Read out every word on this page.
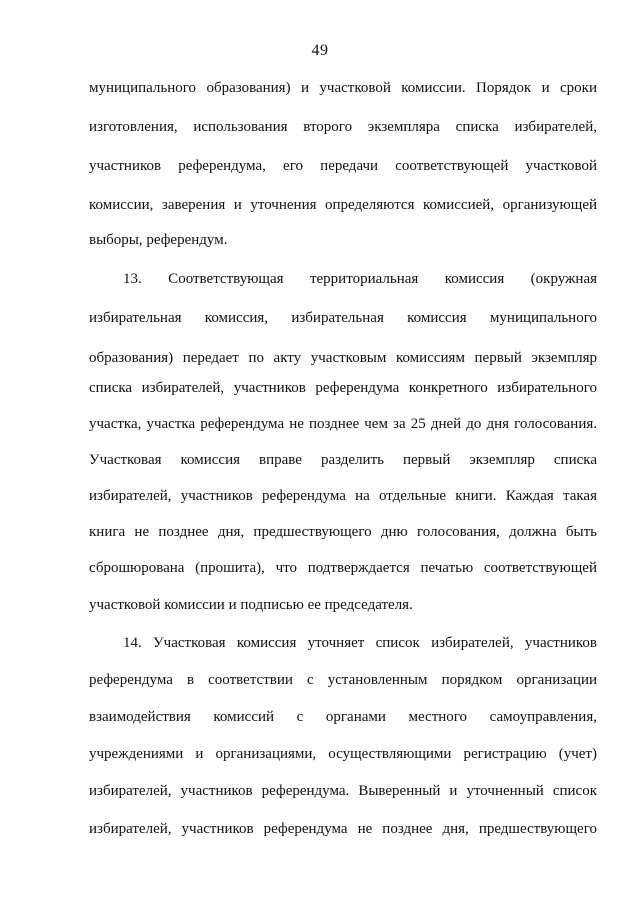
49
муниципального образования) и участковой комиссии. Порядок и сроки
изготовления, использования второго экземпляра списка избирателей,
участников референдума, его передачи соответствующей участковой
комиссии, заверения и уточнения определяются комиссией, организующей
выборы, референдум.
13. Соответствующая территориальная комиссия (окружная
избирательная комиссия, избирательная комиссия муниципального
образования) передает по акту участковым комиссиям первый экземпляр
списка избирателей, участников референдума конкретного избирательного
участка, участка референдума не позднее чем за 25 дней до дня голосования.
Участковая комиссия вправе разделить первый экземпляр списка
избирателей, участников референдума на отдельные книги. Каждая такая
книга не позднее дня, предшествующего дню голосования, должна быть
сброшюрована (прошита), что подтверждается печатью соответствующей
участковой комиссии и подписью ее председателя.
14. Участковая комиссия уточняет список избирателей, участников
референдума в соответствии с установленным порядком организации
взаимодействия комиссий с органами местного самоуправления,
учреждениями и организациями, осуществляющими регистрацию (учет)
избирателей, участников референдума. Выверенный и уточненный список
избирателей, участников референдума не позднее дня, предшествующего
